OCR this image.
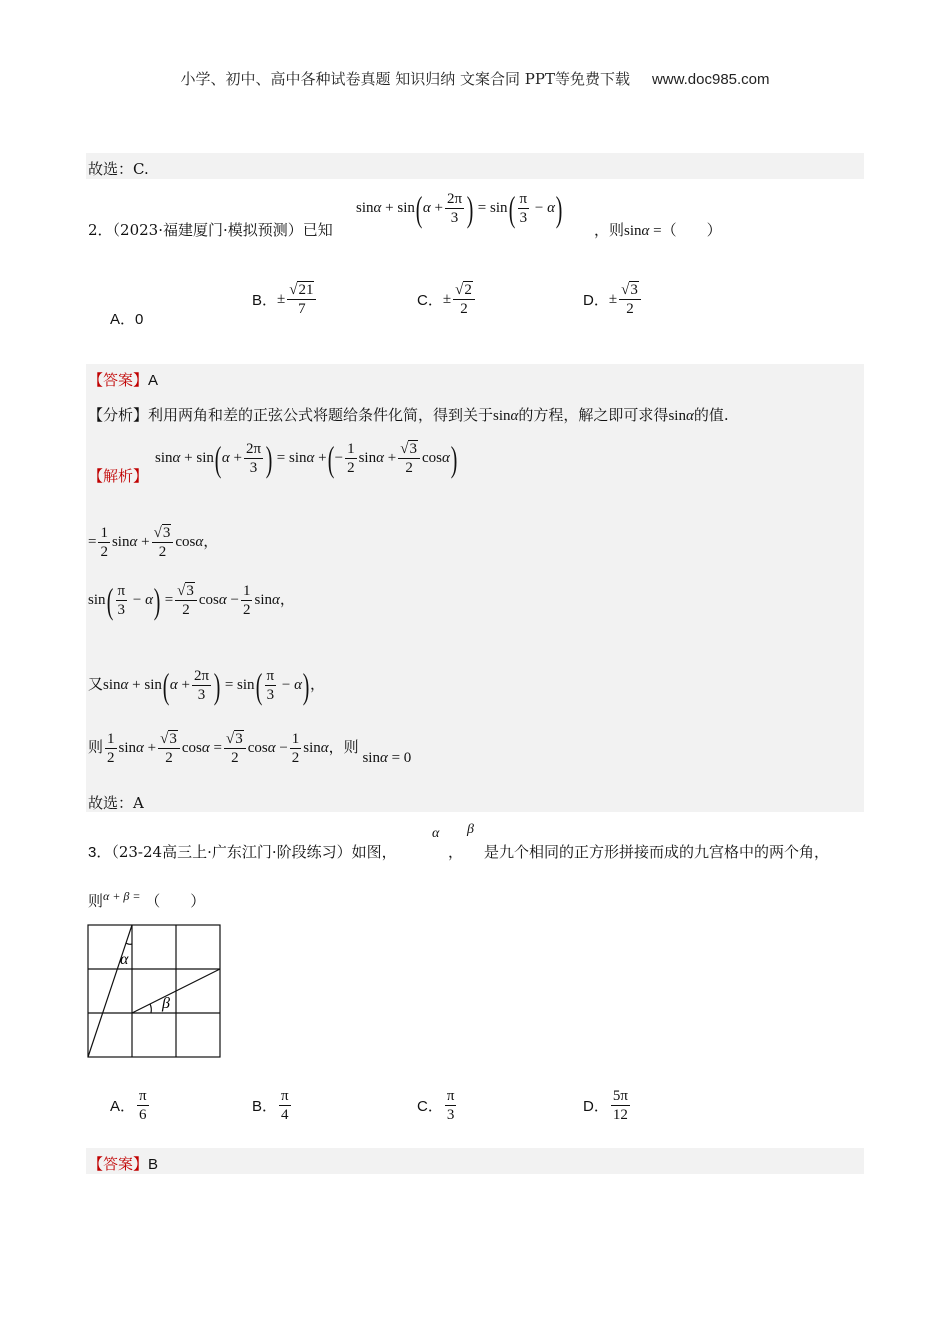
小学、初中、高中各种试卷真题 知识归纳 文案合同 PPT等免费下载 www.doc985.com
故选：C.
2．（2023·福建厦门·模拟预测）已知
$\sin\alpha + \sin(\alpha + \frac{2\pi}{3}$ ) = $\sin( \frac{\pi}{3} - \alpha)$
，则sinα =（　　）
A．0
B．± $\frac{√21}{7}$	C．± $\frac{√2}{2}$	D．± $\frac{√3}{2}$
【答案】A
【分析】利用两角和差的正弦公式将题给条件化简，得到关于sinα的方程，解之即可求得sinα的值.
【解析】
$\sin\alpha + \sin(\alpha + \frac{2\pi}{3}$ ) = sinα +(− $\frac{1}{2}$ $\sin\alpha + \frac{√3}{2} \cos\alpha$)
= $\frac{1}{2}$ $\sin\alpha + \frac{√3}{2}$ cosα，
$\sin( \frac{\pi}{3} - \alpha) = \frac{√3}{2}$ $\cos\alpha - \frac{1}{2}$ sinα，
又$\sin\alpha + \sin(\alpha + \frac{2\pi}{3}$ ) = $\sin( \frac{\pi}{3} - \alpha)$，
则 $\frac{1}{2}$ $\sin\alpha + \frac{√3}{2}$ $\cos\alpha = \frac{√3}{2}$ $\cos\alpha - \frac{1}{2}$ sinα，则 sinα = 0
故选：A
3．（23-24高三上·广东江门·阶段练习）如图，
α
，
β
是九个相同的正方形拼接而成的九宫格中的两个角，
则$^{\alpha + \beta =}$ （　　）
α
β
A． $\frac{\pi}{6}$	B． $\frac{\pi}{4}$	C． $\frac{\pi}{3}$	D． $\frac{5\pi}{12}$
【答案】B
